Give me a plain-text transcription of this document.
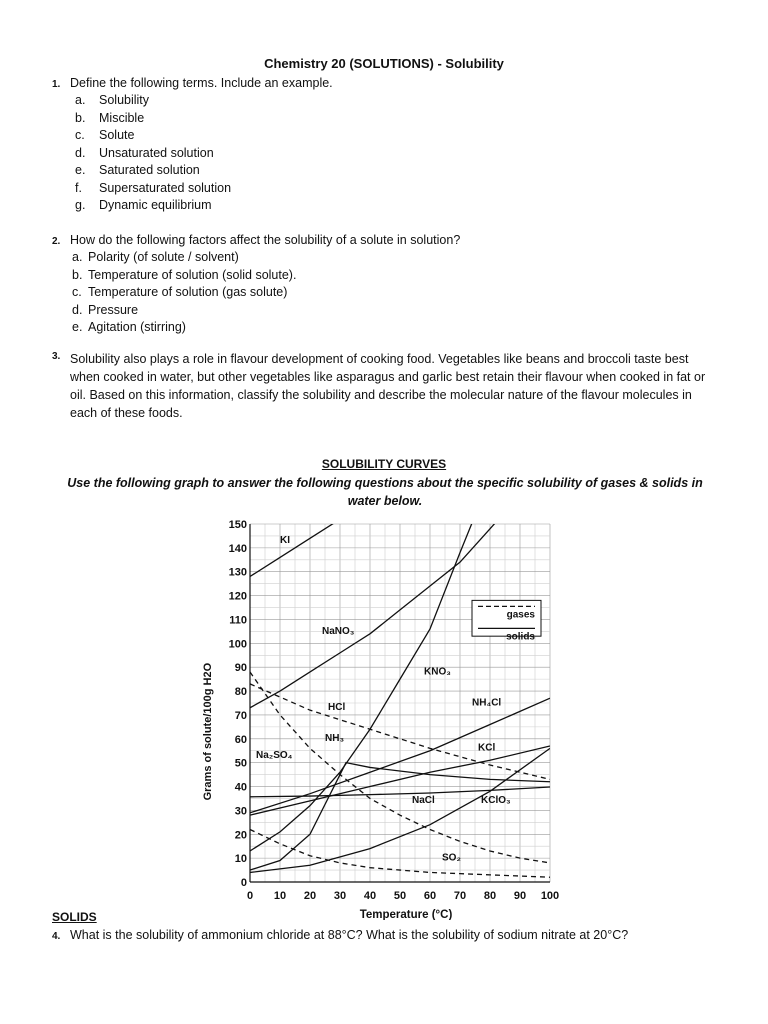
Chemistry 20 (SOLUTIONS) - Solubility
1. Define the following terms. Include an example.
a. Solubility
b. Miscible
c. Solute
d. Unsaturated solution
e. Saturated solution
f. Supersaturated solution
g. Dynamic equilibrium
2. How do the following factors affect the solubility of a solute in solution?
a. Polarity (of solute / solvent)
b. Temperature of solution (solid solute).
c. Temperature of solution (gas solute)
d. Pressure
e. Agitation (stirring)
3. Solubility also plays a role in flavour development of cooking food. Vegetables like beans and broccoli taste best when cooked in water, but other vegetables like asparagus and garlic best retain their flavour when cooked in fat or oil. Based on this information, classify the solubility and describe the molecular nature of the flavour molecules in each of these foods.
SOLUBILITY CURVES
Use the following graph to answer the following questions about the specific solubility of gases & solids in water below.
0
10
20
30
40
50
60
70
80
90
100
110
120
130
140
150
0 10 20 30 40 50 60 70 80 90 100
Temperature (°C)
Grams of solute/100g H2O
KI
NaNO₃
KNO₃
NH₄Cl
KCl
NaCl	KClO₃
Na₂SO₄
HCl
NH₃
SO₂
gases
solids
SOLIDS
4. What is the solubility of ammonium chloride at 88°C? What is the solubility of sodium nitrate at 20°C?
